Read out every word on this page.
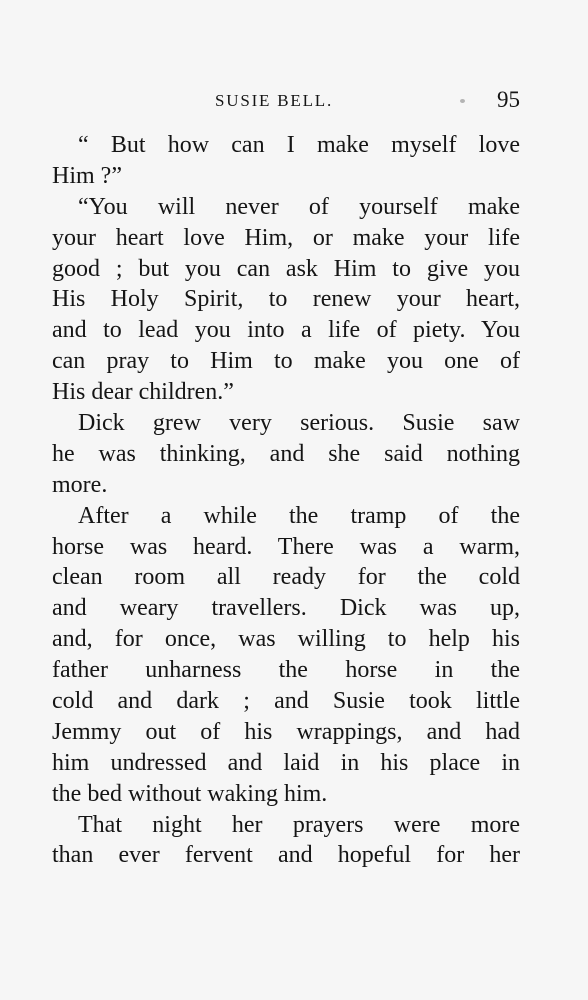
SUSIE BELL.	95
“ But how can I make myself love
Him ?”
“You will never of yourself make
your heart love Him, or make your life
good ; but you can ask Him to give you
His Holy Spirit, to renew your heart,
and to lead you into a life of piety. You
can pray to Him to make you one of
His dear children.”
Dick grew very serious. Susie saw
he was thinking, and she said nothing
more.
After a while the tramp of the
horse was heard. There was a warm,
clean room all ready for the cold
and weary travellers. Dick was up,
and, for once, was willing to help his
father unharness the horse in the
cold and dark ; and Susie took little
Jemmy out of his wrappings, and had
him undressed and laid in his place in
the bed without waking him.
That night her prayers were more
than ever fervent and hopeful for her
